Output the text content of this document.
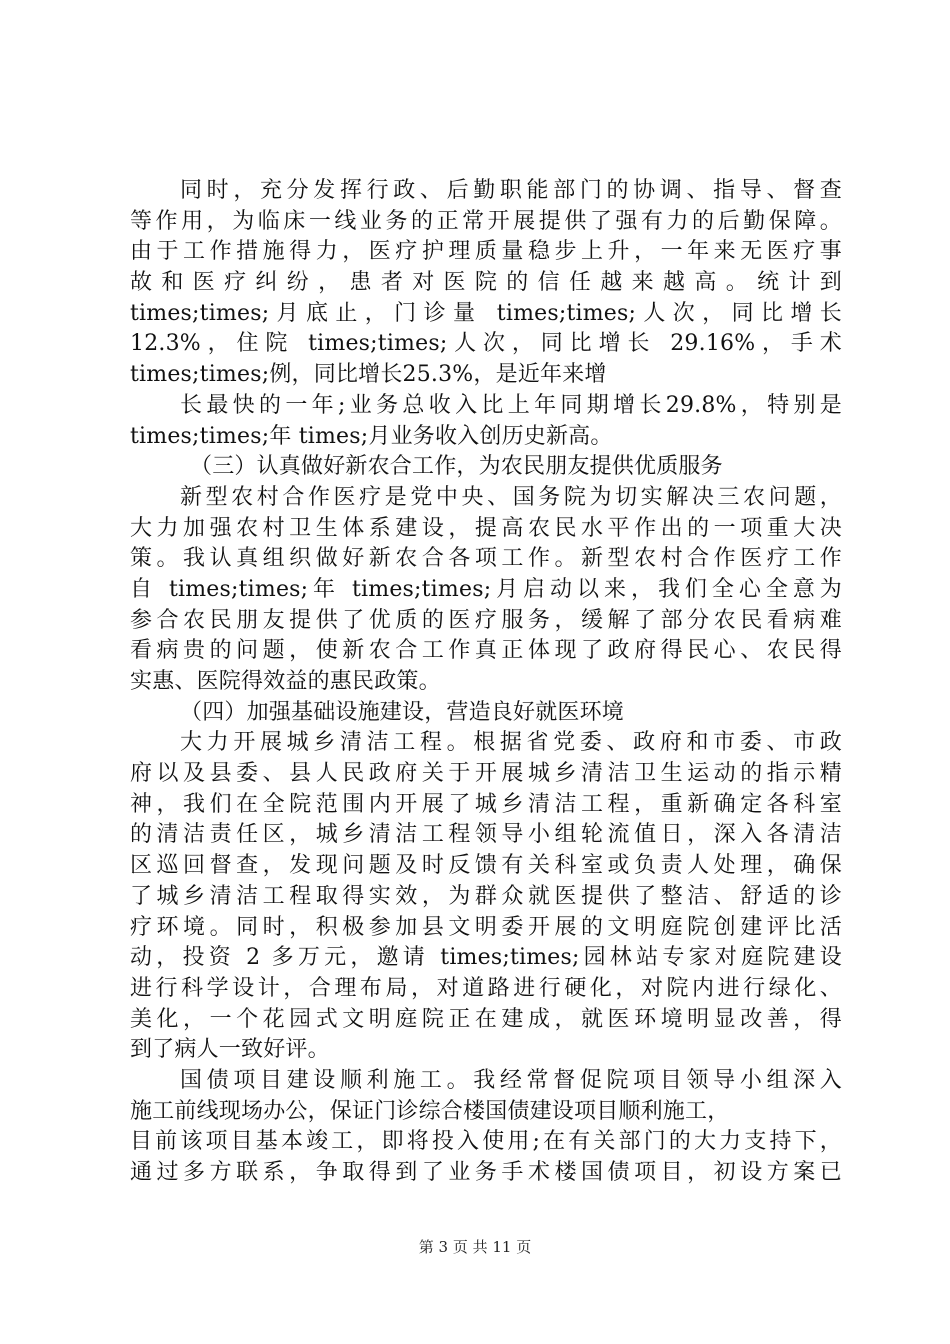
同时，充分发挥行政、后勤职能部门的协调、指导、督查
等作用，为临床一线业务的正常开展提供了强有力的后勤保障。
由于工作措施得力，医疗护理质量稳步上升，一年来无医疗事
故和医疗纠纷，患者对医院的信任越来越高。统计到
times;times;月底止，门诊量 times;times;人次，同比增长
12.3%，住院 times;times;人次，同比增长 29.16%，手术
times;times;例，同比增长25.3%，是近年来增
长最快的一年;业务总收入比上年同期增长29.8%，特别是
times;times;年 times;月业务收入创历史新高。
（三）认真做好新农合工作，为农民朋友提供优质服务
新型农村合作医疗是党中央、国务院为切实解决三农问题，
大力加强农村卫生体系建设，提高农民水平作出的一项重大决
策。我认真组织做好新农合各项工作。新型农村合作医疗工作
自 times;times;年 times;times;月启动以来，我们全心全意为
参合农民朋友提供了优质的医疗服务，缓解了部分农民看病难
看病贵的问题，使新农合工作真正体现了政府得民心、农民得
实惠、医院得效益的惠民政策。
（四）加强基础设施建设，营造良好就医环境
大力开展城乡清洁工程。根据省党委、政府和市委、市政
府以及县委、县人民政府关于开展城乡清洁卫生运动的指示精
神，我们在全院范围内开展了城乡清洁工程，重新确定各科室
的清洁责任区，城乡清洁工程领导小组轮流值日，深入各清洁
区巡回督查，发现问题及时反馈有关科室或负责人处理，确保
了城乡清洁工程取得实效，为群众就医提供了整洁、舒适的诊
疗环境。同时，积极参加县文明委开展的文明庭院创建评比活
动，投资 2 多万元，邀请 times;times;园林站专家对庭院建设
进行科学设计，合理布局，对道路进行硬化，对院内进行绿化、
美化，一个花园式文明庭院正在建成，就医环境明显改善，得
到了病人一致好评。
国债项目建设顺利施工。我经常督促院项目领导小组深入
施工前线现场办公，保证门诊综合楼国债建设项目顺利施工，
目前该项目基本竣工，即将投入使用;在有关部门的大力支持下，
通过多方联系，争取得到了业务手术楼国债项目，初设方案已
第 3 页 共 11 页
